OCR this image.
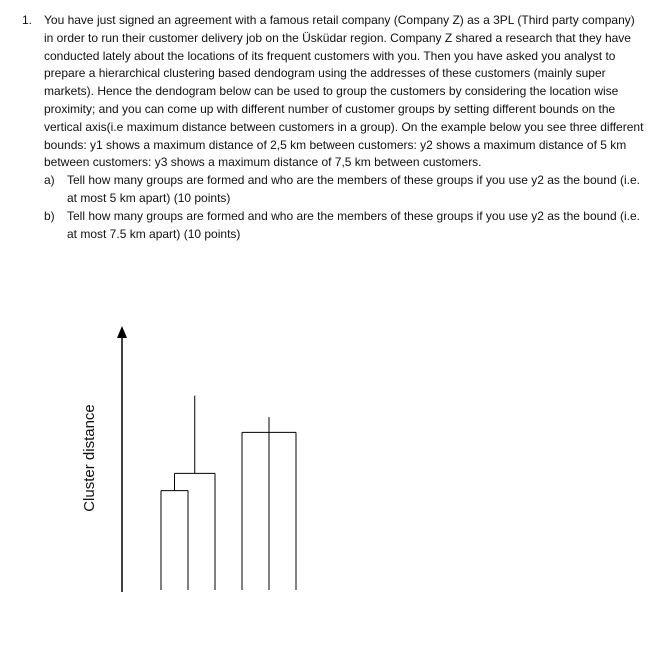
1. You have just signed an agreement with a famous retail company (Company Z) as a 3PL (Third party company) in order to run their customer delivery job on the Üsküdar region. Company Z shared a research that they have conducted lately about the locations of its frequent customers with you. Then you have asked you analyst to prepare a hierarchical clustering based dendogram using the addresses of these customers (mainly super markets). Hence the dendogram below can be used to group the customers by considering the location wise proximity; and you can come up with different number of customer groups by setting different bounds on the vertical axis(i.e maximum distance between customers in a group). On the example below you see three different bounds: y1 shows a maximum distance of 2,5 km between customers: y2 shows a maximum distance of 5 km between customers: y3 shows a maximum distance of 7,5 km between customers.
a) Tell how many groups are formed and who are the members of these groups if you use y2 as the bound (i.e. at most 5 km apart) (10 points)
b) Tell how many groups are formed and who are the members of these groups if you use y2 as the bound (i.e. at most 7.5 km apart) (10 points)
Cluster distance
